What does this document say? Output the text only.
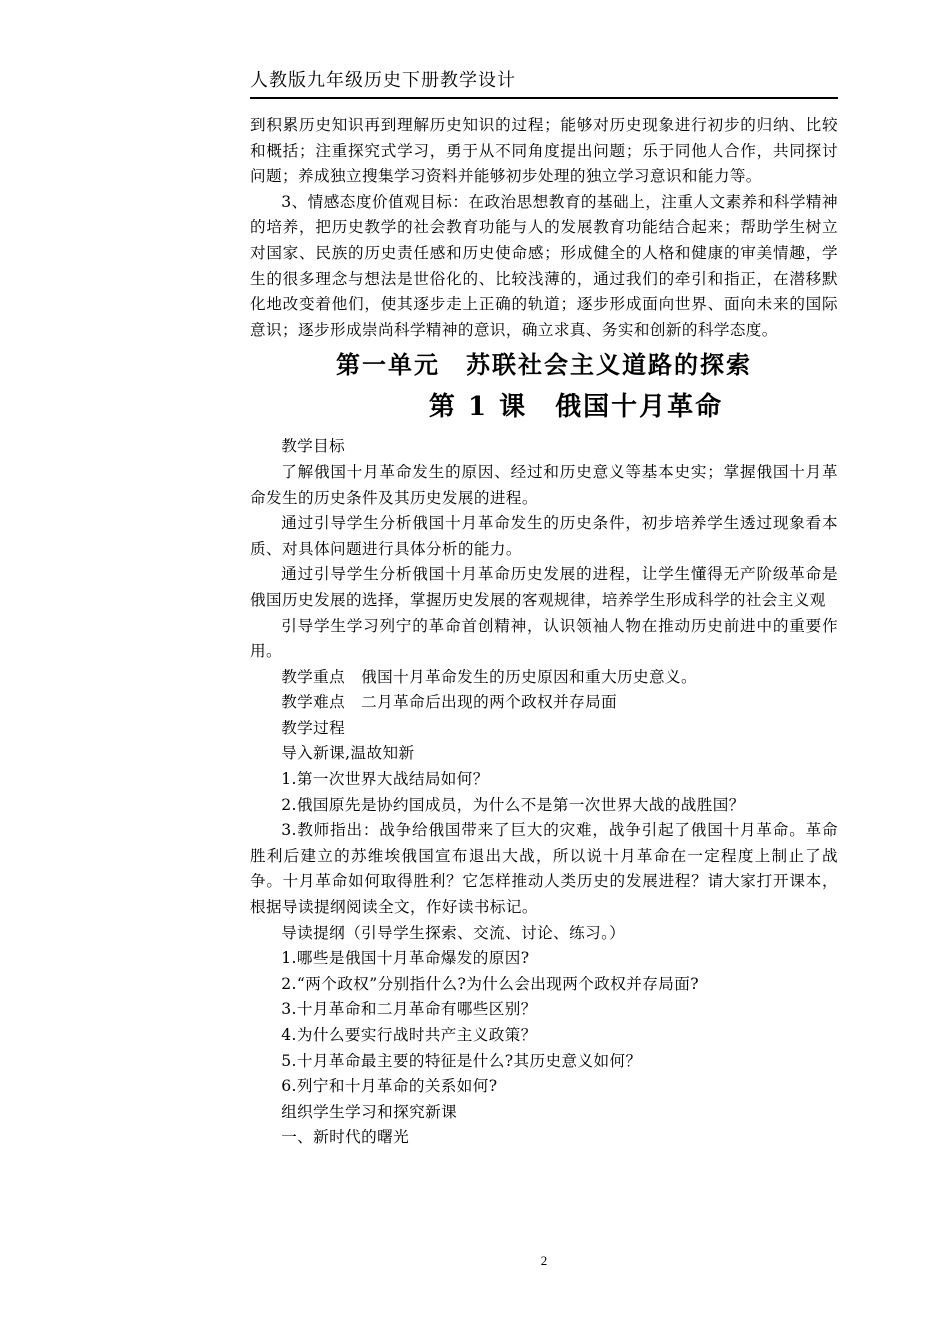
人教版九年级历史下册教学设计

到积累历史知识再到理解历史知识的过程；能够对历史现象进行初步的归纳、比较和概括；注重探究式学习，勇于从不同角度提出问题；乐于同他人合作，共同探讨问题；养成独立搜集学习资料并能够初步处理的独立学习意识和能力等。

3、情感态度价值观目标：在政治思想教育的基础上，注重人文素养和科学精神的培养，把历史教学的社会教育功能与人的发展教育功能结合起来；帮助学生树立对国家、民族的历史责任感和历史使命感；形成健全的人格和健康的审美情趣，学生的很多理念与想法是世俗化的、比较浅薄的，通过我们的牵引和指正，在潜移默化地改变着他们，使其逐步走上正确的轨道；逐步形成面向世界、面向未来的国际意识；逐步形成崇尚科学精神的意识，确立求真、务实和创新的科学态度。

第一单元　苏联社会主义道路的探索
第 1 课　俄国十月革命

教学目标

了解俄国十月革命发生的原因、经过和历史意义等基本史实；掌握俄国十月革命发生的历史条件及其历史发展的进程。

通过引导学生分析俄国十月革命发生的历史条件，初步培养学生透过现象看本质、对具体问题进行具体分析的能力。

通过引导学生分析俄国十月革命历史发展的进程，让学生懂得无产阶级革命是俄国历史发展的选择，掌握历史发展的客观规律，培养学生形成科学的社会主义观

引导学生学习列宁的革命首创精神，认识领袖人物在推动历史前进中的重要作用。

教学重点　俄国十月革命发生的历史原因和重大历史意义。

教学难点　二月革命后出现的两个政权并存局面

教学过程

导入新课,温故知新

1.第一次世界大战结局如何？

2.俄国原先是协约国成员，为什么不是第一次世界大战的战胜国？

3.教师指出：战争给俄国带来了巨大的灾难，战争引起了俄国十月革命。革命胜利后建立的苏维埃俄国宣布退出大战，所以说十月革命在一定程度上制止了战争。十月革命如何取得胜利？它怎样推动人类历史的发展进程？请大家打开课本，根据导读提纲阅读全文，作好读书标记。

导读提纲（引导学生探索、交流、讨论、练习。）

1.哪些是俄国十月革命爆发的原因?

2.“两个政权”分别指什么?为什么会出现两个政权并存局面?

3.十月革命和二月革命有哪些区别？

4.为什么要实行战时共产主义政策？

5.十月革命最主要的特征是什么?其历史意义如何？

6.列宁和十月革命的关系如何?

组织学生学习和探究新课

一、新时代的曙光

2
